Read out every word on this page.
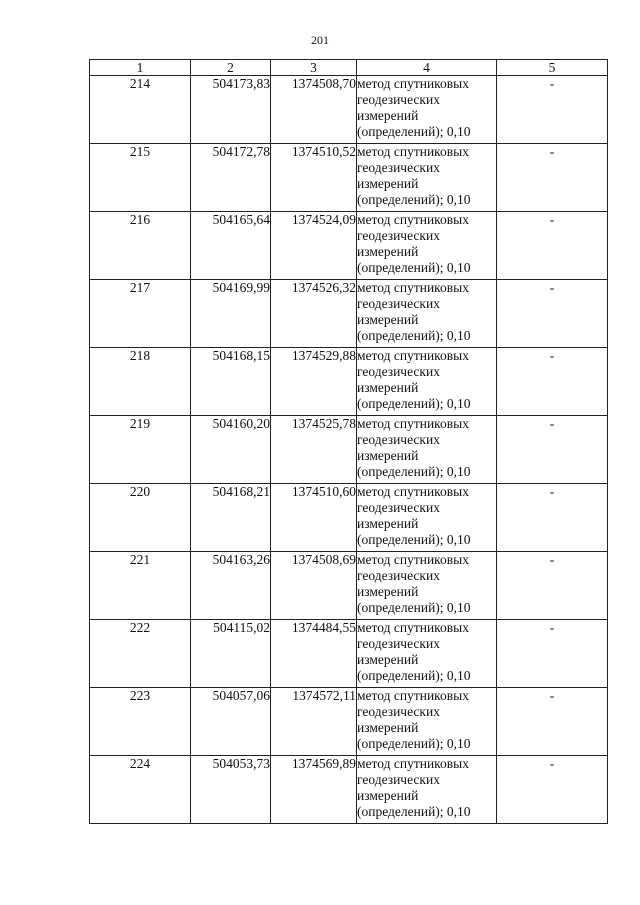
201
1	2	3	4	5
214	504173,83	1374508,70	метод спутниковых
геодезических
измерений
(определений); 0,10	-
215	504172,78	1374510,52	метод спутниковых
геодезических
измерений
(определений); 0,10	-
216	504165,64	1374524,09	метод спутниковых
геодезических
измерений
(определений); 0,10	-
217	504169,99	1374526,32	метод спутниковых
геодезических
измерений
(определений); 0,10	-
218	504168,15	1374529,88	метод спутниковых
геодезических
измерений
(определений); 0,10	-
219	504160,20	1374525,78	метод спутниковых
геодезических
измерений
(определений); 0,10	-
220	504168,21	1374510,60	метод спутниковых
геодезических
измерений
(определений); 0,10	-
221	504163,26	1374508,69	метод спутниковых
геодезических
измерений
(определений); 0,10	-
222	504115,02	1374484,55	метод спутниковых
геодезических
измерений
(определений); 0,10	-
223	504057,06	1374572,11	метод спутниковых
геодезических
измерений
(определений); 0,10	-
224	504053,73	1374569,89	метод спутниковых
геодезических
измерений
(определений); 0,10	-
